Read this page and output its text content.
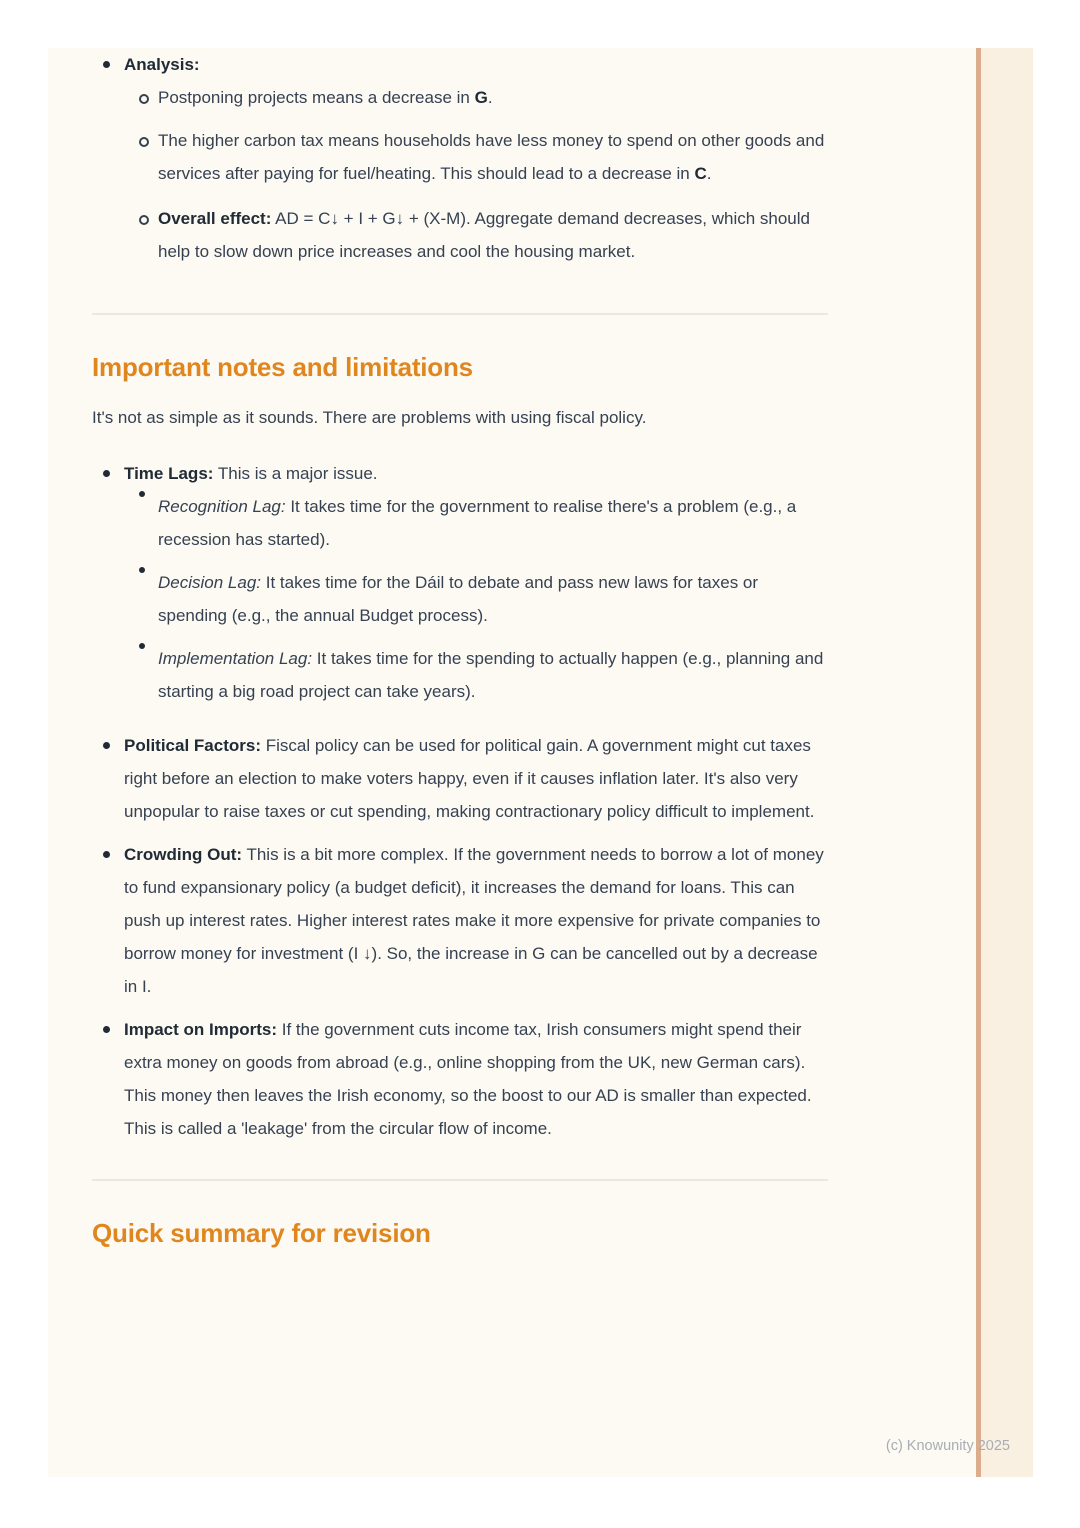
Analysis:
Postponing projects means a decrease in G.
The higher carbon tax means households have less money to spend on other goods and services after paying for fuel/heating. This should lead to a decrease in C.
Overall effect: AD = C↓ + I + G↓ + (X-M). Aggregate demand decreases, which should help to slow down price increases and cool the housing market.
Important notes and limitations

It's not as simple as it sounds. There are problems with using fiscal policy.

Time Lags: This is a major issue.
Recognition Lag: It takes time for the government to realise there's a problem (e.g., a recession has started).
Decision Lag: It takes time for the Dáil to debate and pass new laws for taxes or spending (e.g., the annual Budget process).
Implementation Lag: It takes time for the spending to actually happen (e.g., planning and starting a big road project can take years).
Political Factors: Fiscal policy can be used for political gain. A government might cut taxes right before an election to make voters happy, even if it causes inflation later. It's also very unpopular to raise taxes or cut spending, making contractionary policy difficult to implement.
Crowding Out: This is a bit more complex. If the government needs to borrow a lot of money to fund expansionary policy (a budget deficit), it increases the demand for loans. This can push up interest rates. Higher interest rates make it more expensive for private companies to borrow money for investment (I ↓). So, the increase in G can be cancelled out by a decrease in I.
Impact on Imports: If the government cuts income tax, Irish consumers might spend their extra money on goods from abroad (e.g., online shopping from the UK, new German cars). This money then leaves the Irish economy, so the boost to our AD is smaller than expected. This is called a 'leakage' from the circular flow of income.
Quick summary for revision
(c) Knowunity 2025
